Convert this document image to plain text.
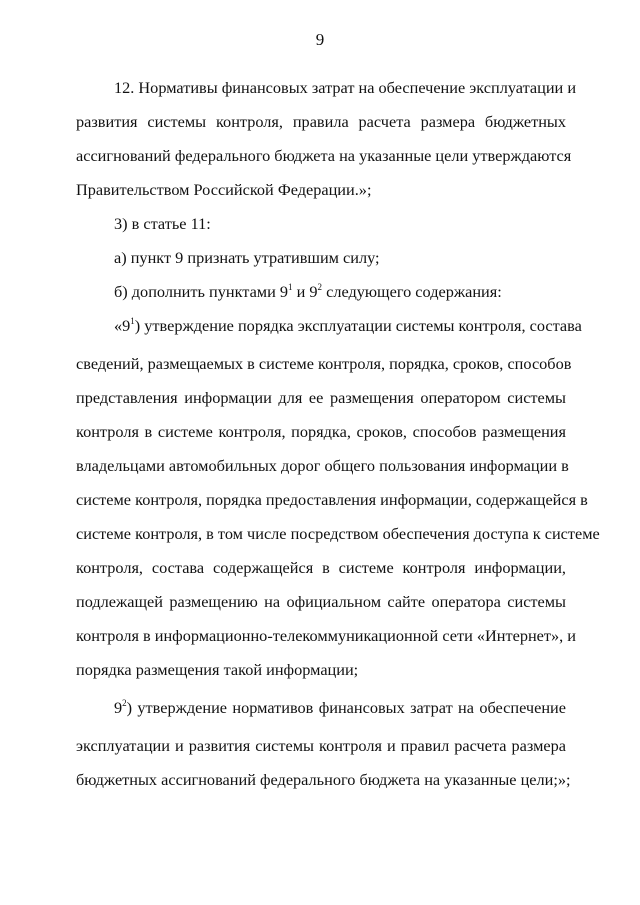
9
12. Нормативы финансовых затрат на обеспечение эксплуатации и
развития системы контроля, правила расчета размера бюджетных
ассигнований федерального бюджета на указанные цели утверждаются
Правительством Российской Федерации.»;
3) в статье 11:
а) пункт 9 признать утратившим силу;
б) дополнить пунктами $9^1$ и $9^2$ следующего содержания:
«$9^1$) утверждение порядка эксплуатации системы контроля, состава
сведений, размещаемых в системе контроля, порядка, сроков, способов
представления информации для ее размещения оператором системы
контроля в системе контроля, порядка, сроков, способов размещения
владельцами автомобильных дорог общего пользования информации в
системе контроля, порядка предоставления информации, содержащейся в
системе контроля, в том числе посредством обеспечения доступа к системе
контроля, состава содержащейся в системе контроля информации,
подлежащей размещению на официальном сайте оператора системы
контроля в информационно-телекоммуникационной сети «Интернет», и
порядка размещения такой информации;
$9^2$) утверждение нормативов финансовых затрат на обеспечение
эксплуатации и развития системы контроля и правил расчета размера
бюджетных ассигнований федерального бюджета на указанные цели;»;
